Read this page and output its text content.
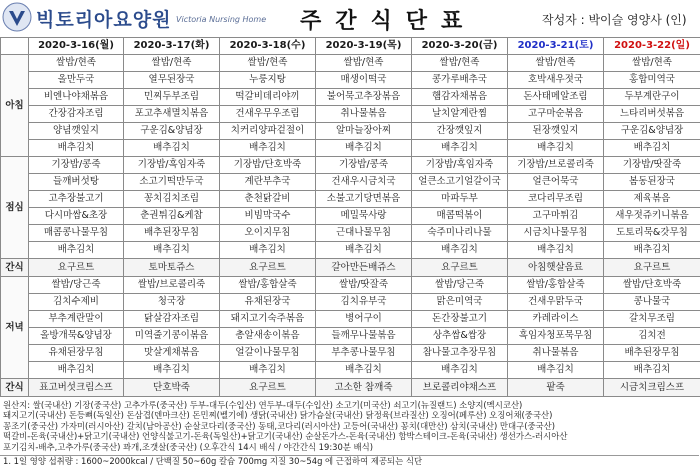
빅토리아요양원 Victoria Nursing Home 주간식단표	작성자 : 박이슬 영양사 (인)
	2020-3-16(월)	2020-3-17(화)	2020-3-18(수)	2020-3-19(목)	2020-3-20(금)	2020-3-21(토)	2020-3-22(일)
아침	쌀밥/현족	쌀밥/현족	쌀밥/현족	쌀밥/현족	쌀밥/현족	쌀밥/현족	쌀밥/현족
	올만두국	열무된장국	누룽지탕	매생이떡국	콩가루배추국	호박새우젓국	홍합미역국
	비엔나야채볶음	민찌두부조림	떡갈비데리야끼	불어묵고추장볶음	햄감자채볶음	돈사태메알조림	두부계란구이
	간장감자조림	포고추새멸치볶음	건새우무우조림	취나물볶음	날치알계란찜	고구마순볶음	느타리버섯볶음
	양념깻잎지	구운김&양념장	치커리양파겉절이	알마늘장아찌	간장깻잎지	된장깻잎지	구운김&양념장
	배추김치	배추김치	배추김치	배추김치	배추김치	배추김치	배추김치
점심	기장밥/콩죽	기장밥/흑임자죽	기장밥/단호박죽	기장밥/콩죽	기장밥/흑임자죽	기장밥/브로콜리죽	기장밥/땃잘죽
	들깨버섯탕	소고기떡만두국	계란부추국	건새우시금치국	얼큰소고기얼갈이국	얼큰어묵국	봄동된장국
	고추장불고기	꽁치김치조림	춘천닭갈비	소불고기당면볶음	마파두부	코다리무조림	제육볶음
	다시마쌈&초장	춘권튀김&케찹	비빔막국수	메밀묵사랑	매콤떡볶이	고구마튀김	새우젓쥬키니볶음
	매콤콩나물무침	배추된장무침	오이지무침	근대나물무침	숙주미나리나물	시금치나물무침	도토리묵&갓무침
	배추김치	배추김치	배추김치	배추김치	배추김치	배추김치	배추김치
간식	요구르트	토마토쥬스	요구르트	갈아만든배쥬스	요구르트	아침햇살음료	요구르트
저녁	쌀밥/당근죽	쌀밥/브로콜리죽	쌀밥/홍합살죽	쌀밥/땃잘죽	쌀밥/당근죽	쌀밥/홍합살죽	쌀밥/단호박죽
	김치수제비	청국장	유채된장국	김치유부국	맑은미역국	건새우맑두국	콩나물국
	부추계란말이	닭살감자조림	돼지고기숙주볶음	병어구이	돈간장불고기	카레라이스	갈치무조림
	올방개묵&양념장	미역줄기콩이볶음	총알새송이볶음	들깨무나물볶음	상추쌈&쌈장	흑임자청포묵무침	김치전
	유채된장무침	맛살게채볶음	얼갈이나물무침	부추콩나물무침	참나물고추장무침	취나물볶음	배추된장무침
	배추김치	배추김치	배추김치	배추김치	배추김치	배추김치	배추김치
간식	표고버섯크림스프	단호박죽	요구르트	고소한 참깨죽	브로콜리야채스프	팥죽	시금치크림스프
원산지: 쌀(국내산) 기장(중국산) 고추가루(중국산) 두부-대두(수입산) 연두부-대두(수입산) 소고기(미국산) 쇠고기(뉴질랜드) 소양지(멕시코산)
돼지고기(국내산) 돈등뼈(독일산) 돈삼겹(덴마크산) 돈민찌(벨기에) 생닭(국내산) 닭가슴살(국내산) 닭정육(브라질산) 오징어(페루산) 오징어채(중국산)
꽁조기(중국산) 가자미(러시아산) 갈치(남아공산) 순살코다리(중국산) 동태,코다리(러시아산) 고등어(국내산) 꽁치(대만산) 삼치(국내산) 만대구(중국산)
떡갈비-돈육(국내산)+닭고기(국내산) 언양식불고기-돈육(독일산)+닭고기(국내산) 순살돈가스-돈육(국내산) 함박스테이크-돈육(국내산) 생선가스-러시아산
포기김치-배추,고추가루(중국산) 꽈개,조갯살(중국산) (오후간식 14시 배식 / 야간간식 19:30분 배식)
1. 1일 영양 섭취량 : 1600~2000kcal / 단백질 50~60g 칼슘 700mg 지질 30~54g 에 근접하여 제공되는 식단
